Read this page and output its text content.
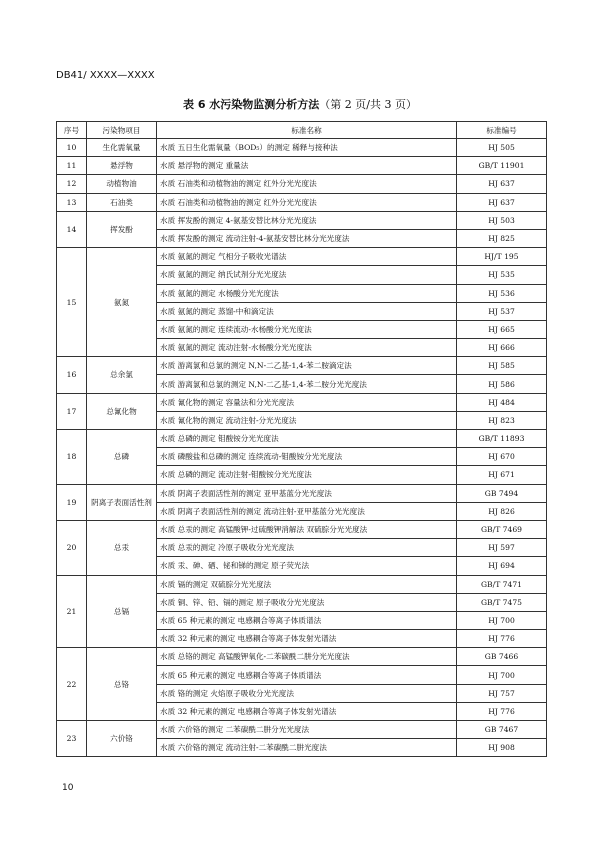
DB41/ XXXX—XXXX
表 6 水污染物监测分析方法（第 2 页/共 3 页）
序号	污染物项目	标准名称	标准编号
10	生化需氧量	水质 五日生化需氧量（BOD₅）的测定 稀释与接种法	HJ 505
11	悬浮物	水质 悬浮物的测定 重量法	GB/T 11901
12	动植物油	水质 石油类和动植物油的测定 红外分光光度法	HJ 637
13	石油类	水质 石油类和动植物油的测定 红外分光光度法	HJ 637
14	挥发酚	水质 挥发酚的测定 4-氨基安替比林分光光度法	HJ 503
		水质 挥发酚的测定 流动注射-4-氨基安替比林分光光度法	HJ 825
15	氨氮	水质 氨氮的测定 气相分子吸收光谱法	HJ/T 195
		水质 氨氮的测定 纳氏试剂分光光度法	HJ 535
		水质 氨氮的测定 水杨酸分光光度法	HJ 536
		水质 氨氮的测定 蒸馏-中和滴定法	HJ 537
		水质 氨氮的测定 连续流动-水杨酸分光光度法	HJ 665
		水质 氨氮的测定 流动注射-水杨酸分光光度法	HJ 666
16	总余氯	水质 游离氯和总氯的测定 N,N-二乙基-1,4-苯二胺滴定法	HJ 585
		水质 游离氯和总氯的测定 N,N-二乙基-1,4-苯二胺分光光度法	HJ 586
17	总氰化物	水质 氰化物的测定 容量法和分光光度法	HJ 484
		水质 氰化物的测定 流动注射-分光光度法	HJ 823
18	总磷	水质 总磷的测定 钼酸铵分光光度法	GB/T 11893
		水质 磷酸盐和总磷的测定 连续流动-钼酸铵分光光度法	HJ 670
		水质 总磷的测定 流动注射-钼酸铵分光光度法	HJ 671
19	阴离子表面活性剂	水质 阴离子表面活性剂的测定 亚甲基蓝分光光度法	GB 7494
		水质 阴离子表面活性剂的测定 流动注射-亚甲基蓝分光光度法	HJ 826
20	总汞	水质 总汞的测定 高锰酸钾-过硫酸钾消解法 双硫腙分光光度法	GB/T 7469
		水质 总汞的测定 冷原子吸收分光光度法	HJ 597
		水质 汞、砷、硒、铋和锑的测定 原子荧光法	HJ 694
21	总镉	水质 镉的测定 双硫腙分光光度法	GB/T 7471
		水质 铜、锌、铅、镉的测定 原子吸收分光光度法	GB/T 7475
		水质 65 种元素的测定 电感耦合等离子体质谱法	HJ 700
		水质 32 种元素的测定 电感耦合等离子体发射光谱法	HJ 776
22	总铬	水质 总铬的测定 高锰酸钾氧化-二苯碳酰二肼分光光度法	GB 7466
		水质 65 种元素的测定 电感耦合等离子体质谱法	HJ 700
		水质 铬的测定 火焰原子吸收分光光度法	HJ 757
		水质 32 种元素的测定 电感耦合等离子体发射光谱法	HJ 776
23	六价铬	水质 六价铬的测定 二苯碳酰二肼分光光度法	GB 7467
		水质 六价铬的测定 流动注射-二苯碳酰二肼光度法	HJ 908
10
